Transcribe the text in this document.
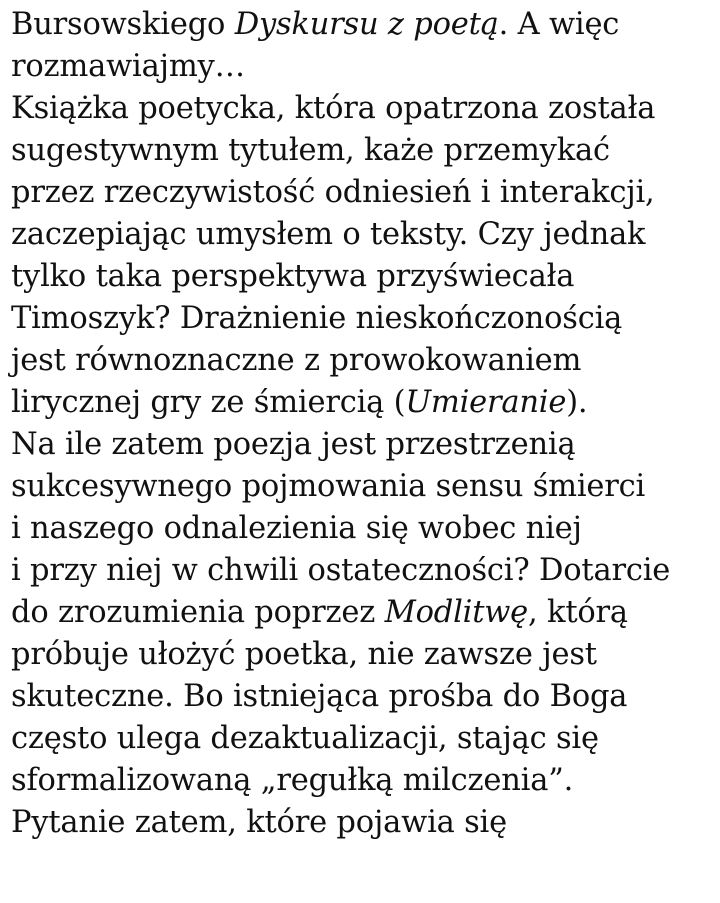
Bursowskiego Dyskursu z poetą. A więc
rozmawiajmy…
Książka poetycka, która opatrzona została
sugestywnym tytułem, każe przemykać
przez rzeczywistość odniesień i interakcji,
zaczepiając umysłem o teksty. Czy jednak
tylko taka perspektywa przyświecała
Timoszyk? Drażnienie nieskończonością
jest równoznaczne z prowokowaniem
lirycznej gry ze śmiercią (Umieranie).
Na ile zatem poezja jest przestrzenią
sukcesywnego pojmowania sensu śmierci
i naszego odnalezienia się wobec niej
i przy niej w chwili ostateczności? Dotarcie
do zrozumienia poprzez Modlitwę, którą
próbuje ułożyć poetka, nie zawsze jest
skuteczne. Bo istniejąca prośba do Boga
często ulega dezaktualizacji, stając się
sformalizowaną „regułką milczenia”.
Pytanie zatem, które pojawia się
